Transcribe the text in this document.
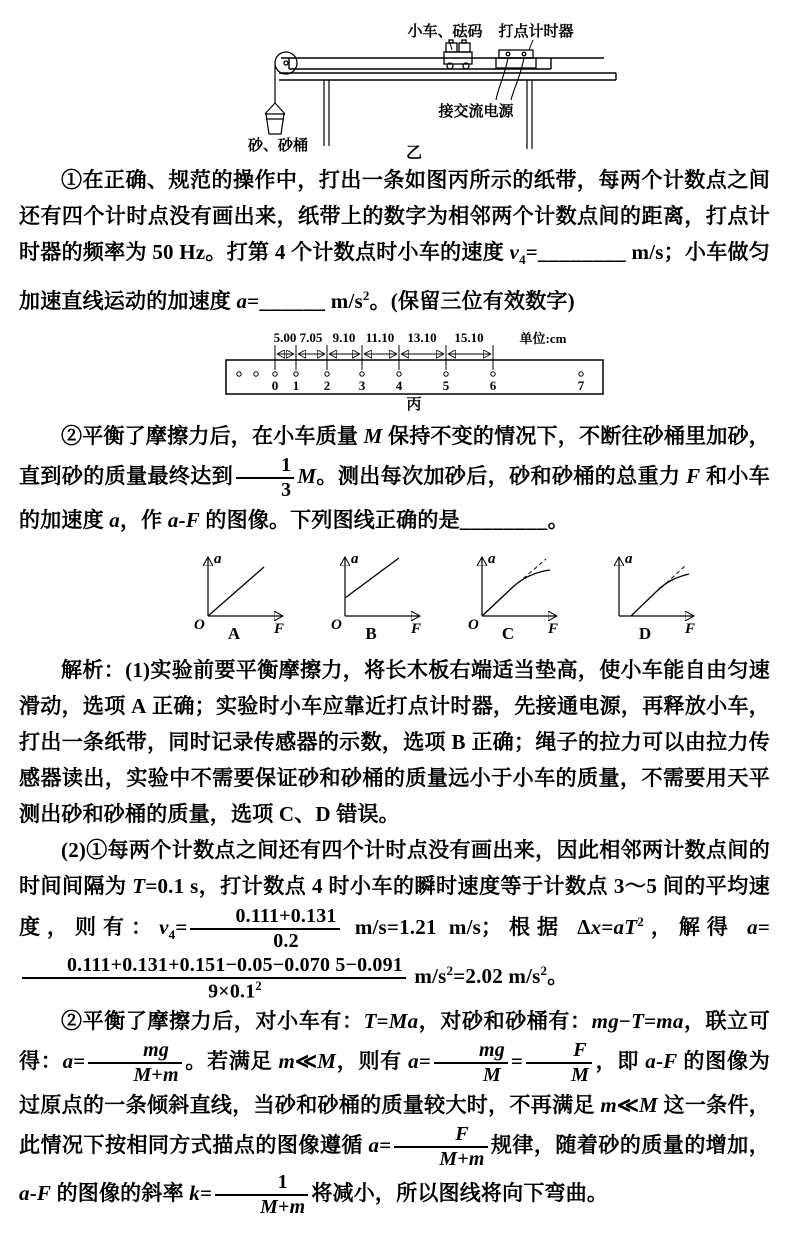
小车、砝码 打点计时器
砂、砂桶
接交流电源
乙

①在正确、规范的操作中，打出一条如图丙所示的纸带，每两个计数点之间还有四个计时点没有画出来，纸带上的数字为相邻两个计数点间的距离，打点计时器的频率为 50 Hz。打第 4 个计数点时小车的速度 $v_4=\_\_\_\_\_\_\_\_$ m/s；小车做匀加速直线运动的加速度 a=______ $m/s^2$。(保留三位有效数字)

5.00 7.05 9.10 11.10 13.10 15.10	单位:cm
0 1 2 3 4	5	6	7
丙

②平衡了摩擦力后，在小车质量 M 保持不变的情况下，不断往砂桶里加砂，直到砂的质量最终达到 $\frac{1}{3}$ M。测出每次加砂后，砂和砂桶的总重力 F 和小车的加速度 a，作 a-F 的图像。下列图线正确的是________。

a
F
O A
a
F
O B
a
F
O C
a
F
D

解析：(1)实验前要平衡摩擦力，将长木板右端适当垫高，使小车能自由匀速滑动，选项 A 正确；实验时小车应靠近打点计时器，先接通电源，再释放小车，打出一条纸带，同时记录传感器的示数，选项 B 正确；绳子的拉力可以由拉力传感器读出，实验中不需要保证砂和砂桶的质量远小于小车的质量，不需要用天平测出砂和砂桶的质量，选项 C、D 错误。

(2)①每两个计数点之间还有四个计时点没有画出来，因此相邻两计数点间的时间间隔为 T=0.1 s，打计数点 4 时小车的瞬时速度等于计数点 3～5 间的平均速度，则有：$v_4= \frac{0.111+0.131}{0.2} m/s=1.21$ m/s；根据 $\Delta x=aT^2$，解得 a=
$\frac{0.111+0.131+0.151-0.05-0.070 5-0.091}{9\times 0.1^2} m/s^2=2.02$ $m/s^2$。

②平衡了摩擦力后，对小车有：T=Ma，对砂和砂桶有：mg−T=ma，联立可得：$a= \frac{mg}{M+m}$ 。若满足 m≪M，则有 $a= \frac{mg}{M} = \frac{F}{M}$ ，即 a-F 的图像为过原点的一条倾斜直线，当砂和砂桶的质量较大时，不再满足 m≪M 这一条件，此情况下按相同方式描点的图像遵循 $a= \frac{F}{M+m}$ 规律，随着砂的质量的增加，a-F 的图像的斜率 $k= \frac{1}{M+m}$ 将减小，所以图线将向下弯曲。
